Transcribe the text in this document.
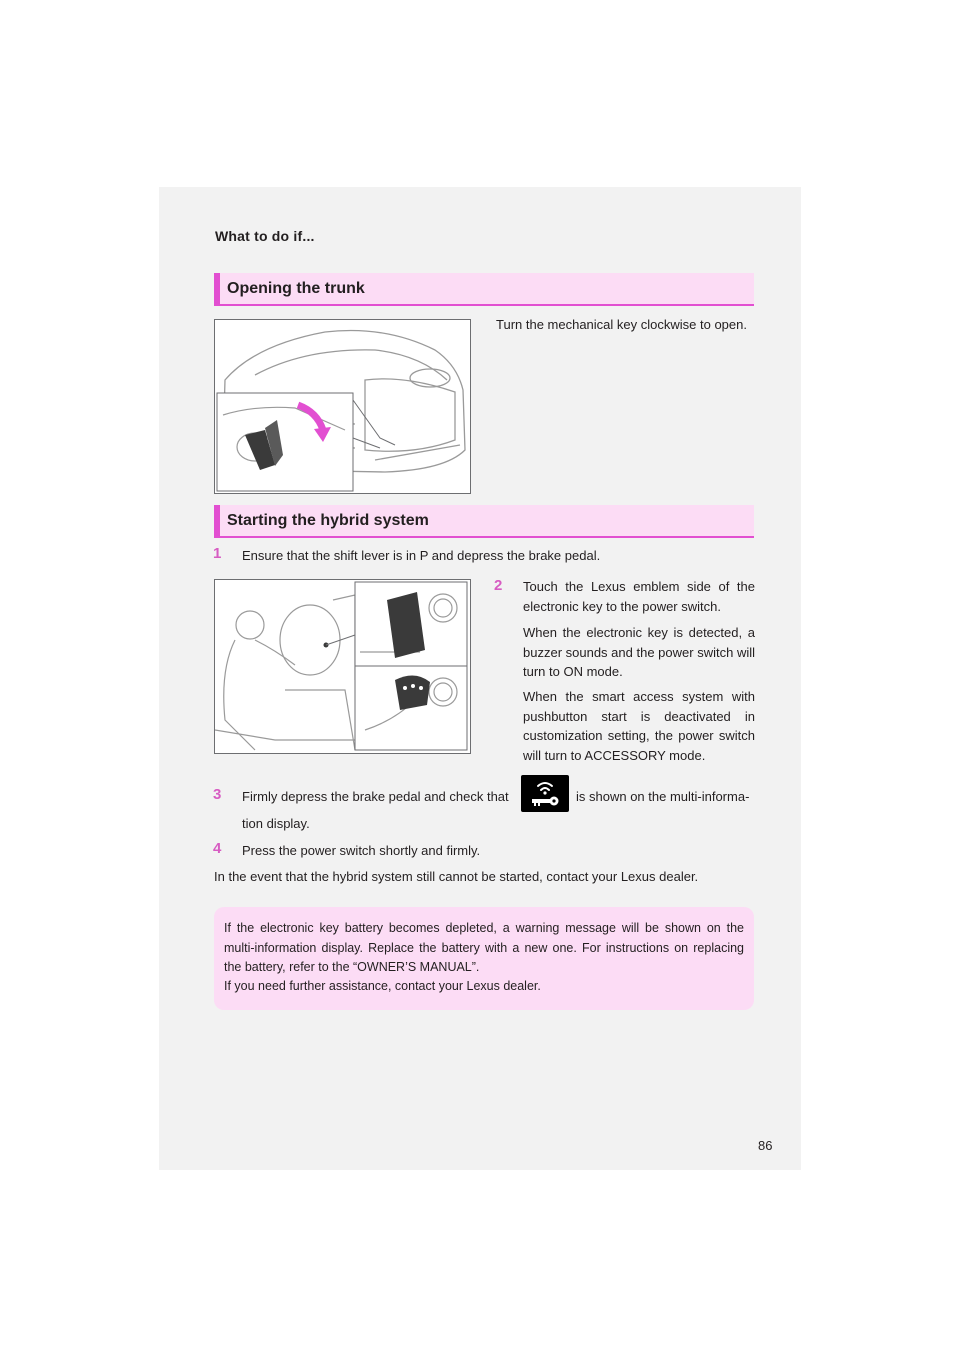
What to do if...
Opening the trunk
Turn the mechanical key clockwise to open.
Starting the hybrid system
1 Ensure that the shift lever is in P and depress the brake pedal.
2 Touch the Lexus emblem side of the electronic key to the power switch.
When the electronic key is detected, a buzzer sounds and the power switch will turn to ON mode.
When the smart access system with pushbutton start is deactivated in customization setting, the power switch will turn to ACCESSORY mode.
3 Firmly depress the brake pedal and check that	is shown on the multi-informa-
tion display.
4 Press the power switch shortly and firmly.
In the event that the hybrid system still cannot be started, contact your Lexus dealer.
If the electronic key battery becomes depleted, a warning message will be shown on the multi-information display. Replace the battery with a new one. For instructions on replacing the battery, refer to the “OWNER’S MANUAL”.
If you need further assistance, contact your Lexus dealer.
86
